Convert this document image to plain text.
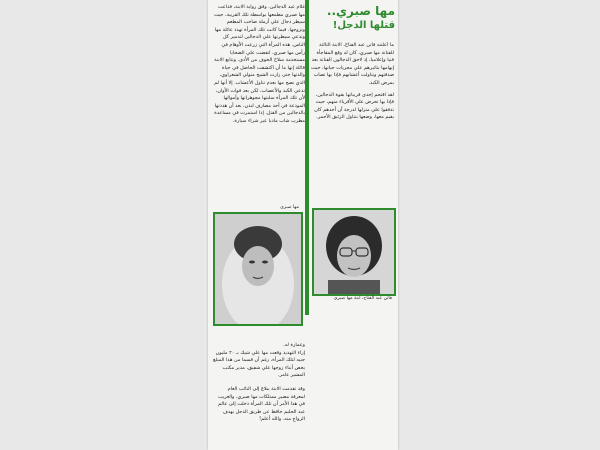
مها صبري..
قتلها الدجل!

غلام عبد الدجالين. وفق رواية الابنة، فداعت مها صبري مطمعها بواسطة تلك القريبة، حيث سيطر دجال علي أرملة صاحب المطعم وتزوجها. فيما كانت تلك المرأة تهدد عائلة مها وتدعي سيطرتها علي الدجالين لتدمير كل الناس. هذه المرأة التي زرعت الأوهام في رأس مها صبري، انقضت علي الضحايا مستخدمة سلاح الخوف من الأذى. وتتابع الابنة قائلة إنها ما أن اكتشفت الحاضل في حياة والدتها حتى زارت الشيخ متولي الشعراوي، الذي نصح مها بعدم تناول الأعشاب. إلا أنها لم تدعي الكبد والأعصاب، لكن بعد فوات الأوان، لأن تلك المرأة سلبتها مجوهراتها وأموالها المودعة في أحد مصارف لندن، بعد أن هددتها بالدجالين من القتل. إذا استمرت في مساعدة مطرب شاب ماديا عبر شراء سيارة.

مها صبري

وعمارة له.

إزاء التهديد وقعت مها علي شيك بـ ٢٠ مليون جنيه لتلك المرأة، رغم أن قسما من هذا المبلغ يخص أبناء زوجها علي شفيق، مدير مكتب المشير عامر.

وقد تقدمت الابنة ببلاغ إلى النائب العام لمعرفة مصير ممتلكات مها صبري، والغريب في هذا الأمر أن تلك المرأة دخلت إلى عالم عبد الحليم حافظ عن طريق الدجل بهدف الزواج منه. والله أعلم!

ما أعلنته فاتن عبد الفتاح، الابنة الثالثة للفنانة مها صبري، كان له وقع المفاجأة فنيا وإعلاميا، إذ لاحق الدجالون الفنانة بعد إيهامها بتاثيرهم علي مجريات حياتها، حيث صدقتهم وتناولت أعشابهم فإذا بها تصاب بمرض الكبد.

لقد اقتحم إحدى قريباتها بقوة الدجالين، فإذا بها تحرض علي الأقرباء منهم، حيث تدفقوا علي منزلها لدرجة أن أحدهم كان يقيم معها، وضعها بتناول الزئبق الأحمر.

فاتن عبد الفتاح، ابنة مها صبري
